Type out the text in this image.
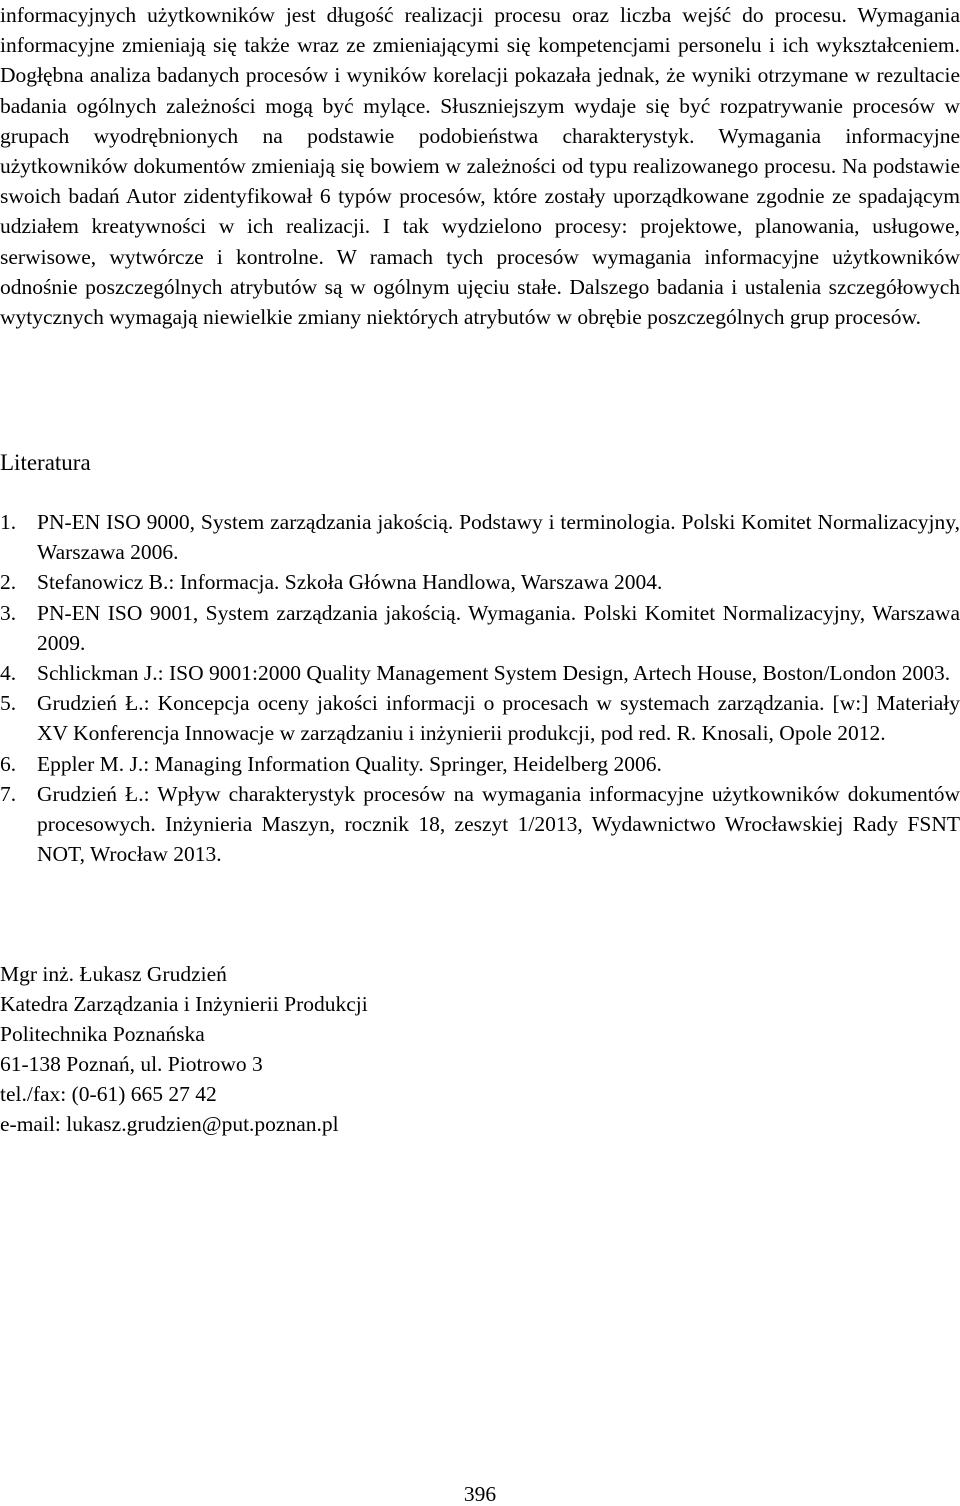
informacyjnych użytkowników jest długość realizacji procesu oraz liczba wejść do procesu. Wymagania informacyjne zmieniają się także wraz ze zmieniającymi się kompetencjami personelu i ich wykształceniem. Dogłębna analiza badanych procesów i wyników korelacji pokazała jednak, że wyniki otrzymane w rezultacie badania ogólnych zależności mogą być mylące. Słuszniejszym wydaje się być rozpatrywanie procesów w grupach wyodrębnionych na podstawie podobieństwa charakterystyk. Wymagania informacyjne użytkowników dokumentów zmieniają się bowiem w zależności od typu realizowanego procesu. Na podstawie swoich badań Autor zidentyfikował 6 typów procesów, które zostały uporządkowane zgodnie ze spadającym udziałem kreatywności w ich realizacji. I tak wydzielono procesy: projektowe, planowania, usługowe, serwisowe, wytwórcze i kontrolne. W ramach tych procesów wymagania informacyjne użytkowników odnośnie poszczególnych atrybutów są w ogólnym ujęciu stałe. Dalszego badania i ustalenia szczegółowych wytycznych wymagają niewielkie zmiany niektórych atrybutów w obrębie poszczególnych grup procesów.

Literatura
1. PN-EN ISO 9000, System zarządzania jakością. Podstawy i terminologia. Polski Komitet Normalizacyjny, Warszawa 2006.
2. Stefanowicz B.: Informacja. Szkoła Główna Handlowa, Warszawa 2004.
3. PN-EN ISO 9001, System zarządzania jakością. Wymagania. Polski Komitet Normalizacyjny, Warszawa 2009.
4. Schlickman J.: ISO 9001:2000 Quality Management System Design, Artech House, Boston/London 2003.
5. Grudzień Ł.: Koncepcja oceny jakości informacji o procesach w systemach zarządzania. [w:] Materiały XV Konferencja Innowacje w zarządzaniu i inżynierii produkcji, pod red. R. Knosali, Opole 2012.
6. Eppler M. J.: Managing Information Quality. Springer, Heidelberg 2006.
7. Grudzień Ł.: Wpływ charakterystyk procesów na wymagania informacyjne użytkowników dokumentów procesowych. Inżynieria Maszyn, rocznik 18, zeszyt 1/2013, Wydawnictwo Wrocławskiej Rady FSNT NOT, Wrocław 2013.
Mgr inż. Łukasz Grudzień
Katedra Zarządzania i Inżynierii Produkcji
Politechnika Poznańska
61-138 Poznań, ul. Piotrowo 3
tel./fax: (0-61) 665 27 42
e-mail: lukasz.grudzien@put.poznan.pl
396
